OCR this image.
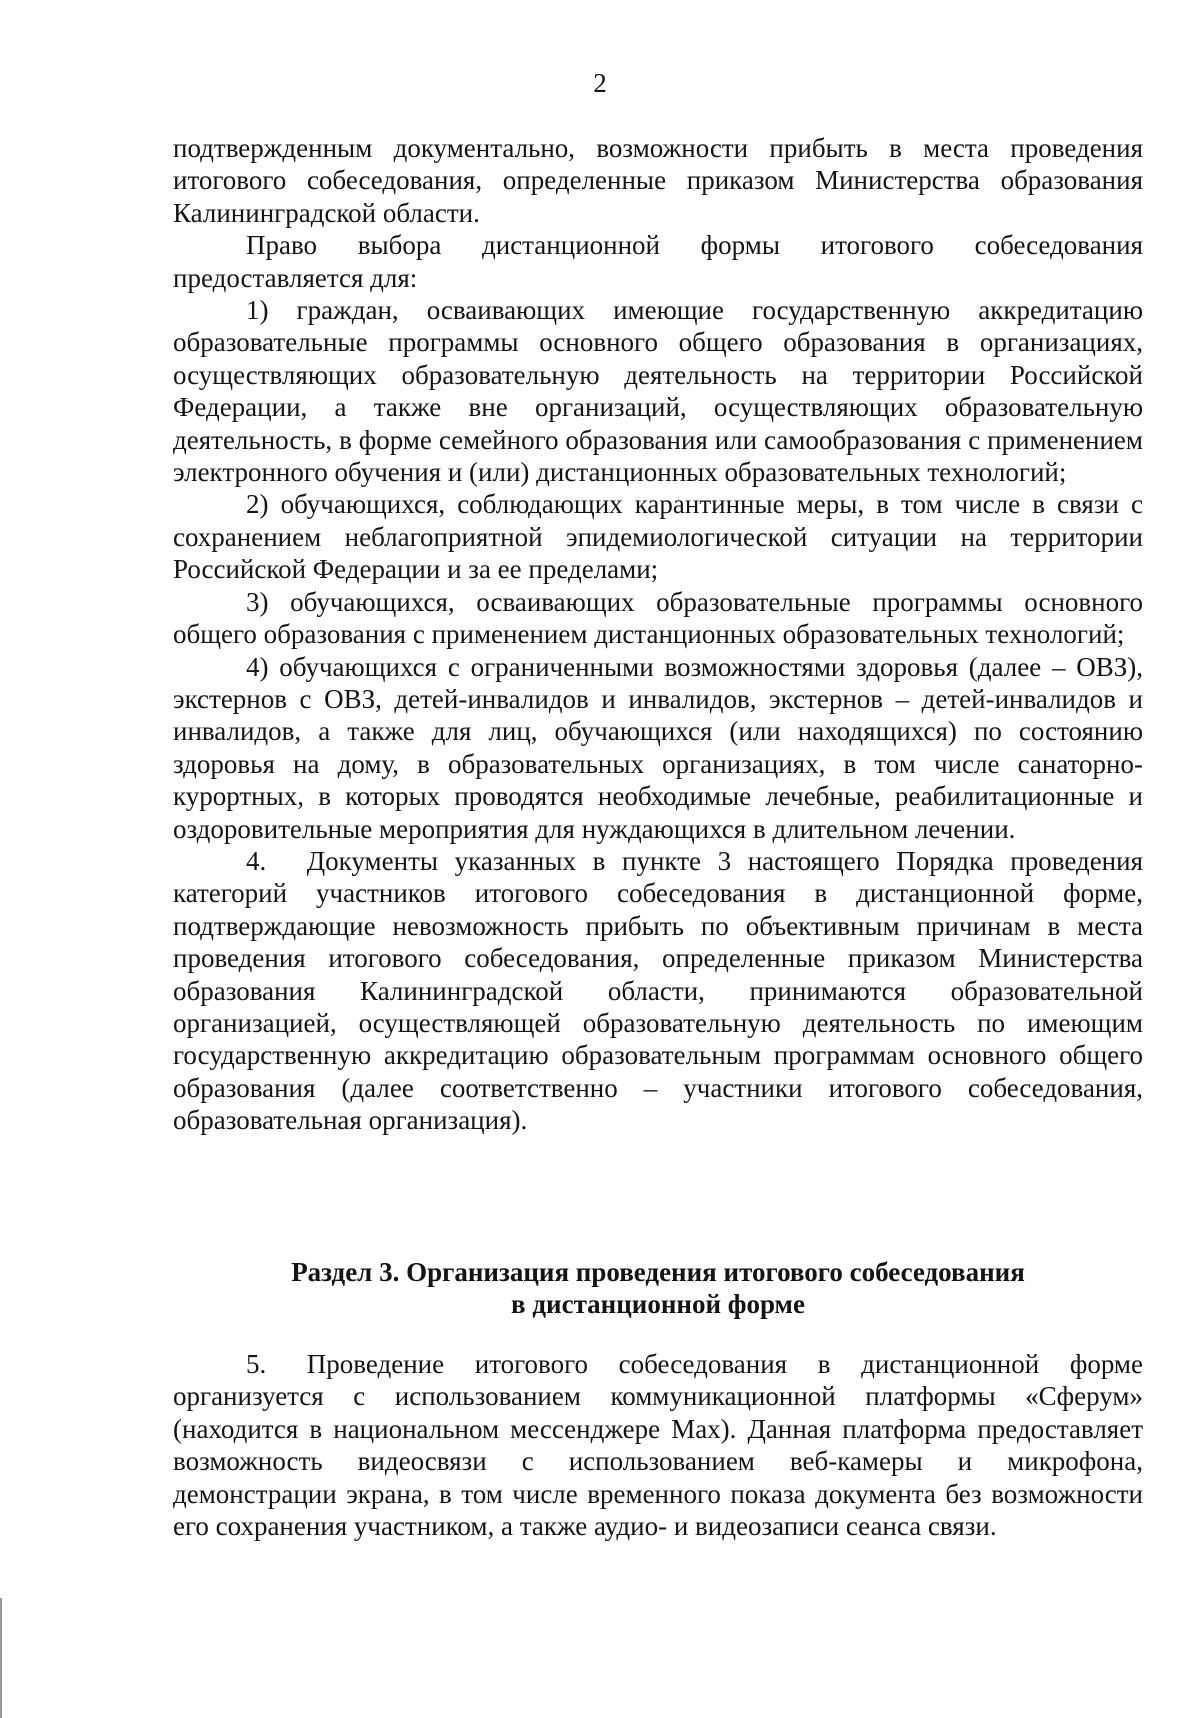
2

подтвержденным документально, возможности прибыть в места проведения итогового собеседования, определенные приказом Министерства образования Калининградской области.

Право выбора дистанционной формы итогового собеседования предоставляется для:

1) граждан, осваивающих имеющие государственную аккредитацию образовательные программы основного общего образования в организациях, осуществляющих образовательную деятельность на территории Российской Федерации, а также вне организаций, осуществляющих образовательную деятельность, в форме семейного образования или самообразования с применением электронного обучения и (или) дистанционных образовательных технологий;

2) обучающихся, соблюдающих карантинные меры, в том числе в связи с сохранением неблагоприятной эпидемиологической ситуации на территории Российской Федерации и за ее пределами;

3) обучающихся, осваивающих образовательные программы основного общего образования с применением дистанционных образовательных технологий;

4) обучающихся с ограниченными возможностями здоровья (далее – ОВЗ), экстернов с ОВЗ, детей-инвалидов и инвалидов, экстернов – детей-инвалидов и инвалидов, а также для лиц, обучающихся (или находящихся) по состоянию здоровья на дому, в образовательных организациях, в том числе санаторно-курортных, в которых проводятся необходимые лечебные, реабилитационные и оздоровительные мероприятия для нуждающихся в длительном лечении.

4.  Документы указанных в пункте 3 настоящего Порядка проведения категорий участников итогового собеседования в дистанционной форме, подтверждающие невозможность прибыть по объективным причинам в места проведения итогового собеседования, определенные приказом Министерства образования Калининградской области, принимаются образовательной организацией, осуществляющей образовательную деятельность по имеющим государственную аккредитацию образовательным программам основного общего образования (далее соответственно – участники итогового собеседования, образовательная организация).

Раздел 3. Организация проведения итогового собеседования
в дистанционной форме

5.  Проведение итогового собеседования в дистанционной форме организуется с использованием коммуникационной платформы «Сферум» (находится в национальном мессенджере Max). Данная платформа предоставляет возможность видеосвязи с использованием веб-камеры и микрофона, демонстрации экрана, в том числе временного показа документа без возможности его сохранения участником, а также аудио- и видеозаписи сеанса связи.
